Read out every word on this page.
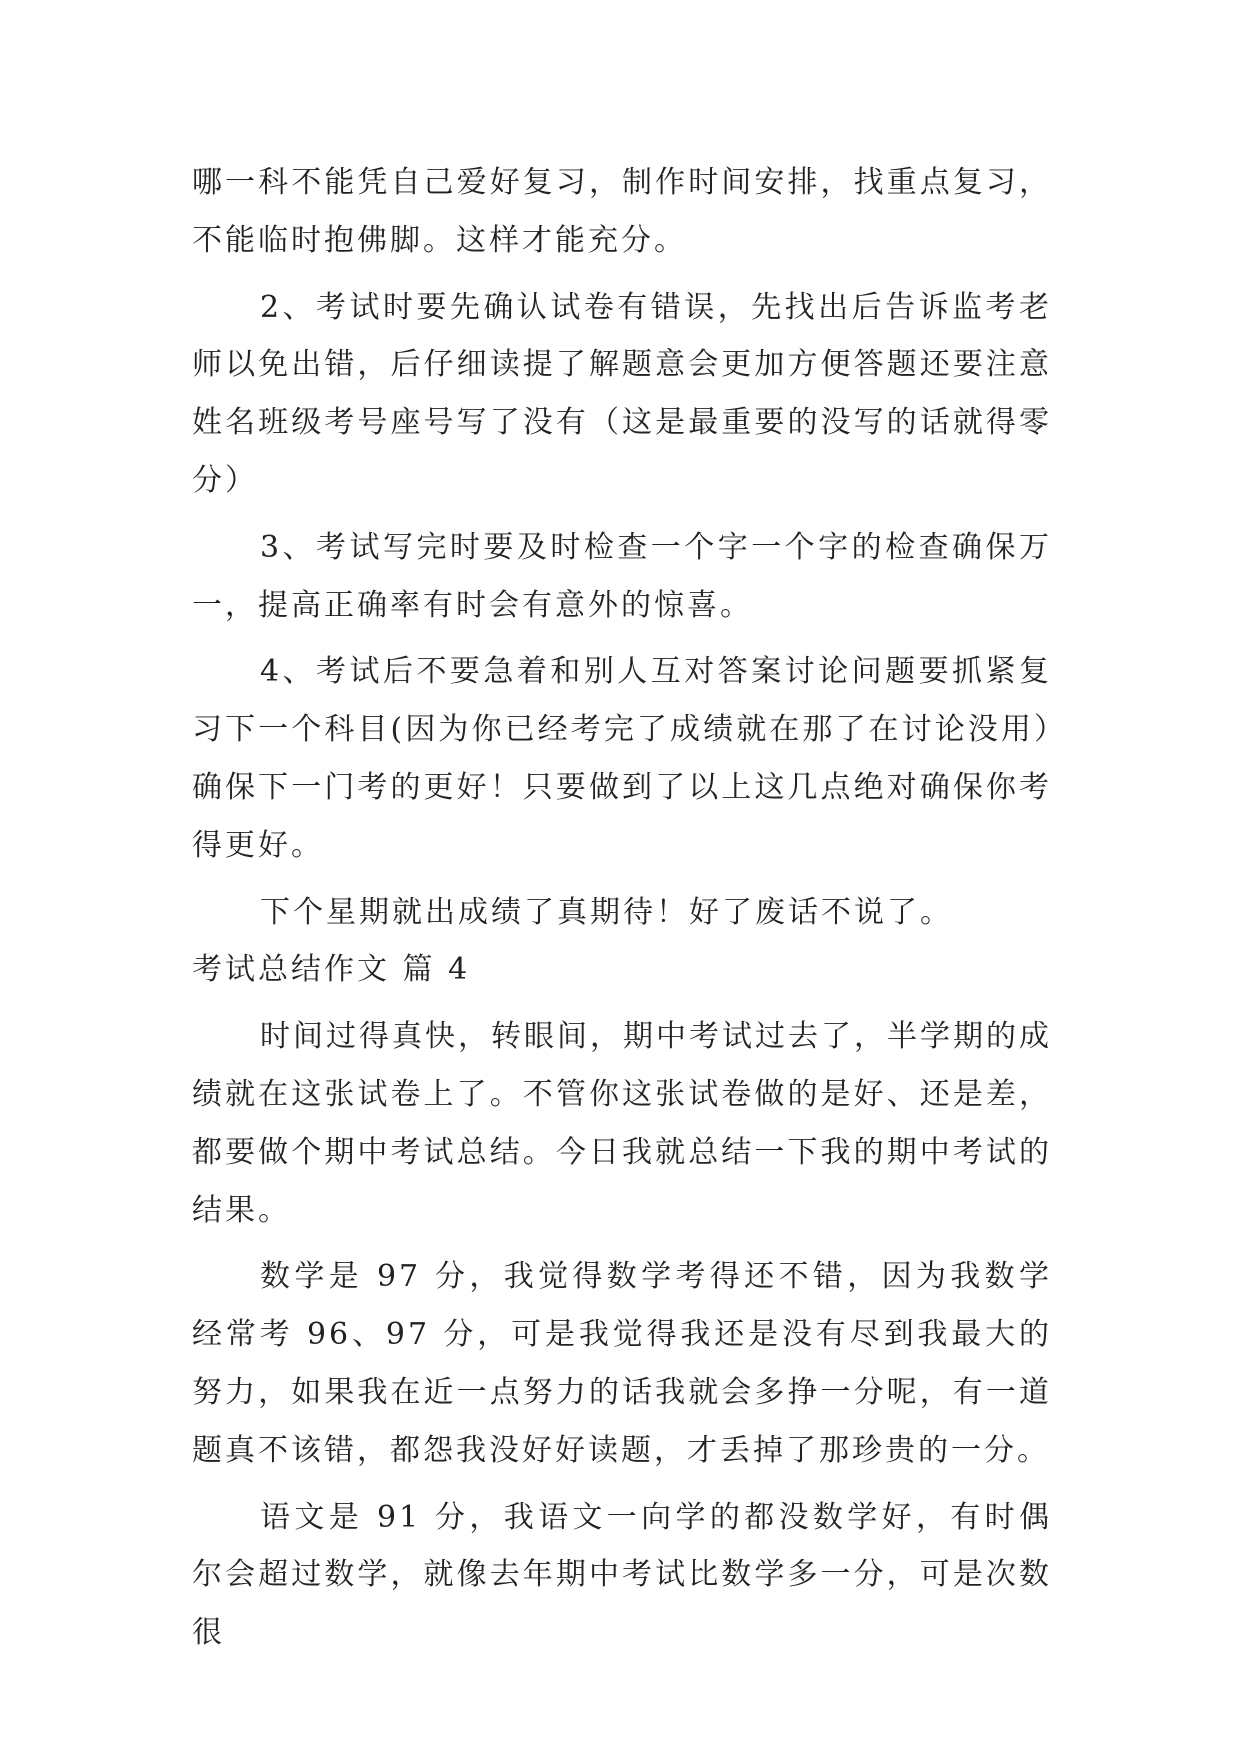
哪一科不能凭自己爱好复习，制作时间安排，找重点复习，不能临时抱佛脚。这样才能充分。

2、考试时要先确认试卷有错误，先找出后告诉监考老师以免出错，后仔细读提了解题意会更加方便答题还要注意姓名班级考号座号写了没有（这是最重要的没写的话就得零分）

3、考试写完时要及时检查一个字一个字的检查确保万一，提高正确率有时会有意外的惊喜。

4、考试后不要急着和别人互对答案讨论问题要抓紧复习下一个科目(因为你已经考完了成绩就在那了在讨论没用）确保下一门考的更好！只要做到了以上这几点绝对确保你考得更好。

下个星期就出成绩了真期待！好了废话不说了。

考试总结作文 篇 4

时间过得真快，转眼间，期中考试过去了，半学期的成绩就在这张试卷上了。不管你这张试卷做的是好、还是差，都要做个期中考试总结。今日我就总结一下我的期中考试的结果。

数学是 97 分，我觉得数学考得还不错，因为我数学经常考 96、97 分，可是我觉得我还是没有尽到我最大的努力，如果我在近一点努力的话我就会多挣一分呢，有一道题真不该错，都怨我没好好读题，才丢掉了那珍贵的一分。

语文是 91 分，我语文一向学的都没数学好，有时偶尔会超过数学，就像去年期中考试比数学多一分，可是次数很
